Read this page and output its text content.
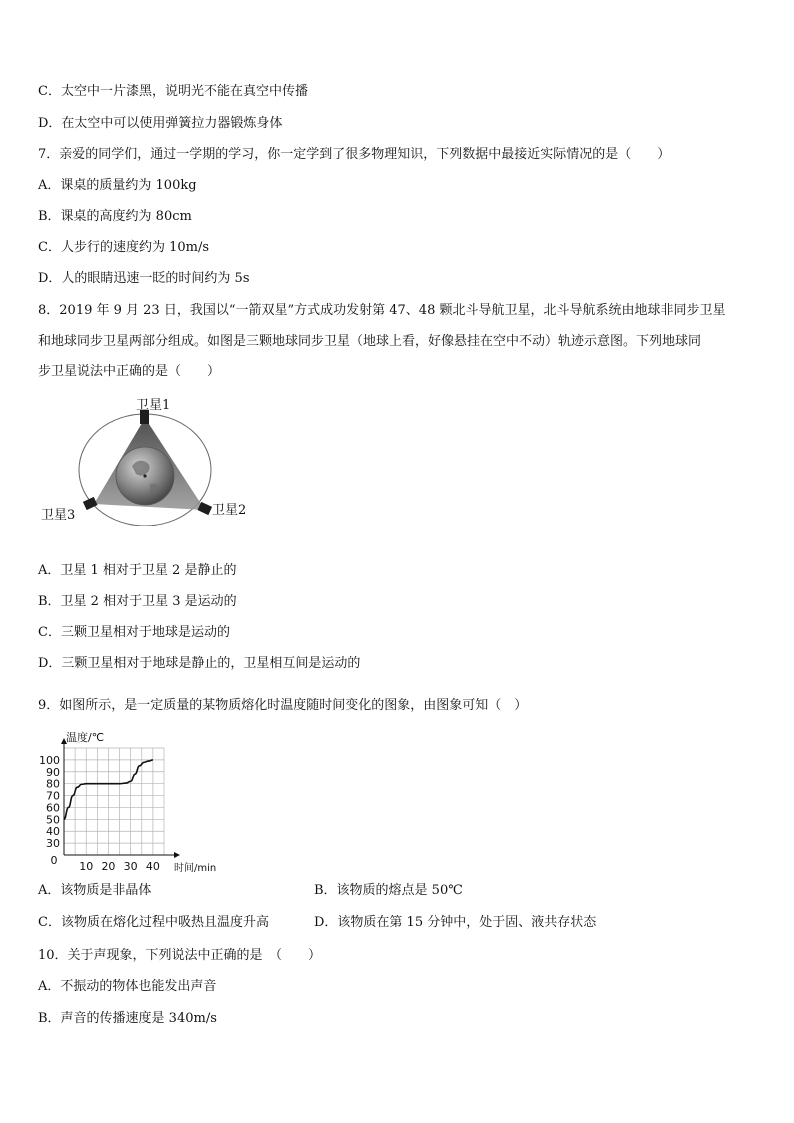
C．太空中一片漆黑，说明光不能在真空中传播

D．在太空中可以使用弹簧拉力器锻炼身体

7．亲爱的同学们，通过一学期的学习，你一定学到了很多物理知识，下列数据中最接近实际情况的是（　　）

A．课桌的质量约为 100kg

B．课桌的高度约为 80cm

C．人步行的速度约为 10m/s

D．人的眼睛迅速一眨的时间约为 5s

8．2019 年 9 月 23 日，我国以“一箭双星”方式成功发射第 47、48 颗北斗导航卫星，北斗导航系统由地球非同步卫星

和地球同步卫星两部分组成。如图是三颗地球同步卫星（地球上看，好像悬挂在空中不动）轨迹示意图。下列地球同

步卫星说法中正确的是（　　）

卫星1
卫星2
卫星3

A．卫星 1 相对于卫星 2 是静止的

B．卫星 2 相对于卫星 3 是运动的

C．三颗卫星相对于地球是运动的

D．三颗卫星相对于地球是静止的，卫星相互间是运动的

9．如图所示，是一定质量的某物质熔化时温度随时间变化的图象，由图象可知（　）

30
40
50
60
70
80
90
100
10 20 30 40
0
温度/℃
时间/min

A．该物质是非晶体	B．该物质的熔点是 50℃

C．该物质在熔化过程中吸热且温度升高	D．该物质在第 15 分钟中，处于固、液共存状态

10．关于声现象，下列说法中正确的是　（　　）

A．不振动的物体也能发出声音

B．声音的传播速度是 340m/s
